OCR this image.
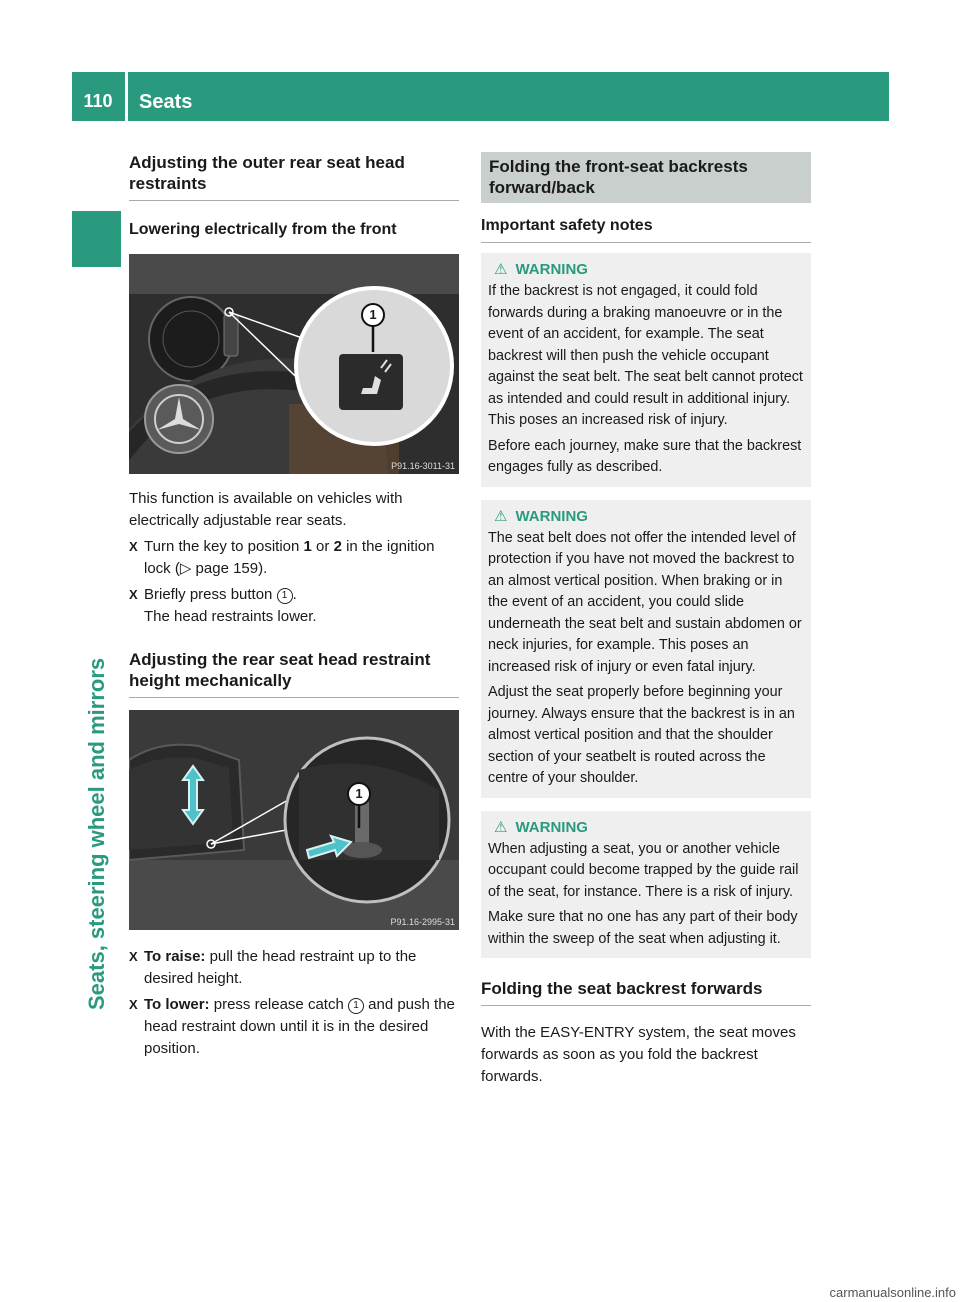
110	Seats
Seats, steering wheel and mirrors
Adjusting the outer rear seat head restraints
Lowering electrically from the front
1
P91.16-3011-31

This function is available on vehicles with electrically adjustable rear seats.

X Turn the key to position 1 or 2 in the ignition lock (▷ page 159).
X Briefly press button 1 .
The head restraints lower.
Adjusting the rear seat head restraint height mechanically
1
P91.16-2995-31
X To raise: pull the head restraint up to the desired height.
X To lower: press release catch 1 and push the head restraint down until it is in the desired position.
Folding the front-seat backrests forward/back
Important safety notes
⚠ WARNING

If the backrest is not engaged, it could fold forwards during a braking manoeuvre or in the event of an accident, for example. The seat backrest will then push the vehicle occupant against the seat belt. The seat belt cannot protect as intended and could result in additional injury. This poses an increased risk of injury.

Before each journey, make sure that the backrest engages fully as described.

⚠ WARNING

The seat belt does not offer the intended level of protection if you have not moved the backrest to an almost vertical position. When braking or in the event of an accident, you could slide underneath the seat belt and sustain abdomen or neck injuries, for example. This poses an increased risk of injury or even fatal injury.

Adjust the seat properly before beginning your journey. Always ensure that the backrest is in an almost vertical position and that the shoulder section of your seatbelt is routed across the centre of your shoulder.

⚠ WARNING

When adjusting a seat, you or another vehicle occupant could become trapped by the guide rail of the seat, for instance. There is a risk of injury.

Make sure that no one has any part of their body within the sweep of the seat when adjusting it.

Folding the seat backrest forwards

With the EASY-ENTRY system, the seat moves forwards as soon as you fold the backrest forwards.

carmanualsonline.info
